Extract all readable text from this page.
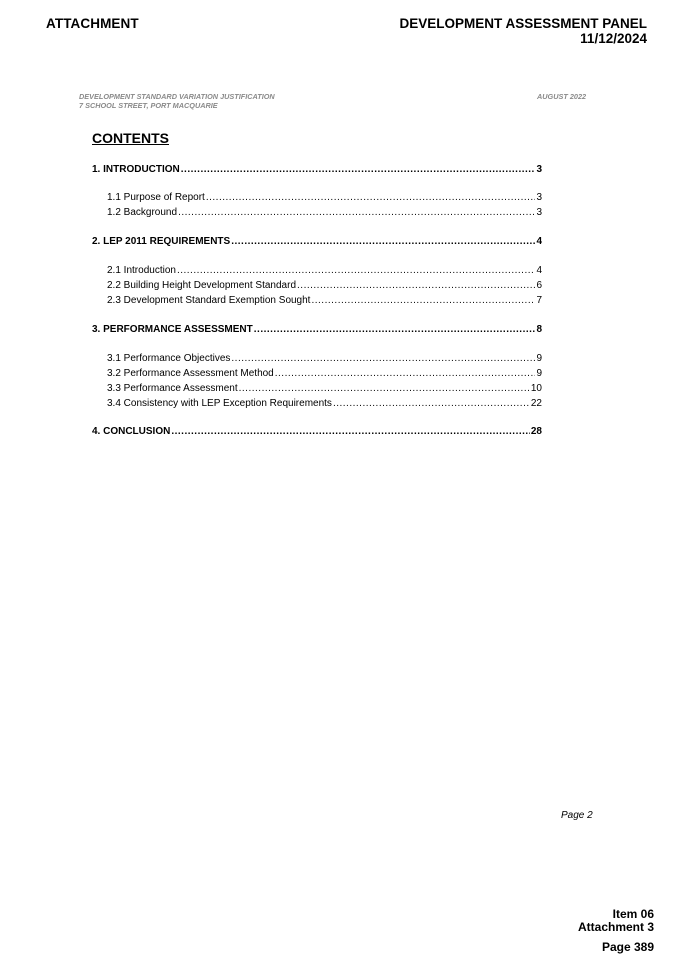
ATTACHMENT	DEVELOPMENT ASSESSMENT PANEL
11/12/2024
DEVELOPMENT STANDARD VARIATION JUSTIFICATION
7 SCHOOL STREET, PORT MACQUARIE
AUGUST 2022
CONTENTS
1. INTRODUCTION .....	3
1.1 Purpose of Report .....	3
1.2 Background .....	3
2. LEP 2011 REQUIREMENTS .....	4
2.1 Introduction .....	4
2.2 Building Height Development Standard .....	6
2.3 Development Standard Exemption Sought .....	7
3. PERFORMANCE ASSESSMENT .....	8
3.1 Performance Objectives .....	9
3.2 Performance Assessment Method .....	9
3.3 Performance Assessment .....	10
3.4 Consistency with LEP Exception Requirements .....	22
4. CONCLUSION .....	28
Page 2
Item 06
Attachment 3
Page 389
